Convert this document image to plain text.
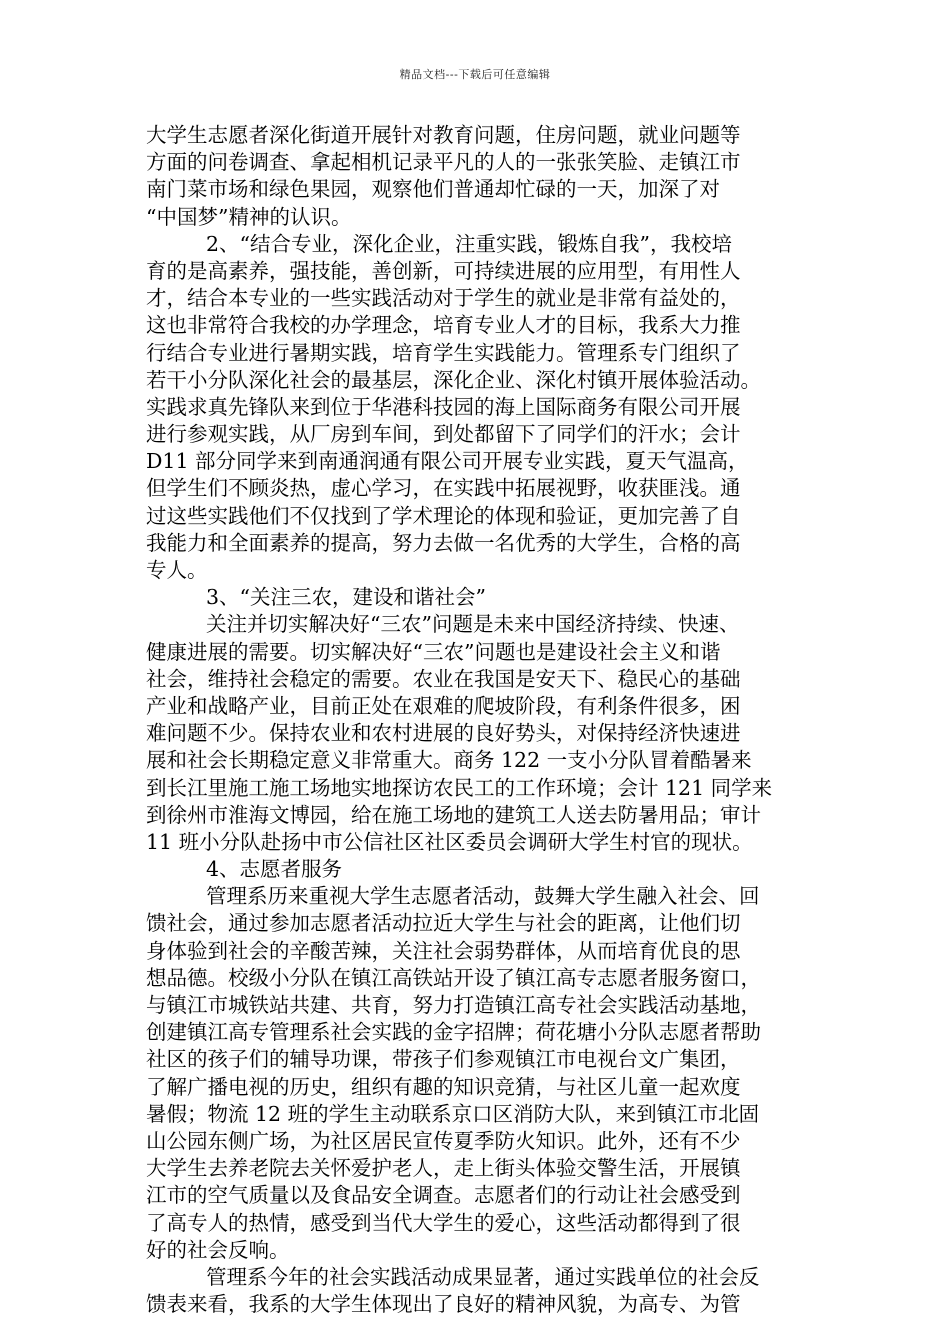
精品文档---下载后可任意编辑
大学生志愿者深化街道开展针对教育问题，住房问题，就业问题等
方面的问卷调查、拿起相机记录平凡的人的一张张笑脸、走镇江市
南门菜市场和绿色果园，观察他们普通却忙碌的一天，加深了对
“中国梦”精神的认识。
2、“结合专业，深化企业，注重实践，锻炼自我”，我校培
育的是高素养，强技能，善创新，可持续进展的应用型，有用性人
才，结合本专业的一些实践活动对于学生的就业是非常有益处的，
这也非常符合我校的办学理念，培育专业人才的目标，我系大力推
行结合专业进行暑期实践，培育学生实践能力。管理系专门组织了
若干小分队深化社会的最基层，深化企业、深化村镇开展体验活动。
实践求真先锋队来到位于华港科技园的海上国际商务有限公司开展
进行参观实践，从厂房到车间，到处都留下了同学们的汗水；会计
D11 部分同学来到南通润通有限公司开展专业实践，夏天气温高，
但学生们不顾炎热，虚心学习，在实践中拓展视野，收获匪浅。通
过这些实践他们不仅找到了学术理论的体现和验证，更加完善了自
我能力和全面素养的提高，努力去做一名优秀的大学生，合格的高
专人。
3、“关注三农，建设和谐社会”
关注并切实解决好“三农”问题是未来中国经济持续、快速、
健康进展的需要。切实解决好“三农”问题也是建设社会主义和谐
社会，维持社会稳定的需要。农业在我国是安天下、稳民心的基础
产业和战略产业，目前正处在艰难的爬坡阶段，有利条件很多，困
难问题不少。保持农业和农村进展的良好势头，对保持经济快速进
展和社会长期稳定意义非常重大。商务 122 一支小分队冒着酷暑来
到长江里施工施工场地实地探访农民工的工作环境；会计 121 同学来
到徐州市淮海文博园，给在施工场地的建筑工人送去防暑用品；审计
11 班小分队赴扬中市公信社区社区委员会调研大学生村官的现状。
4、志愿者服务
管理系历来重视大学生志愿者活动，鼓舞大学生融入社会、回
馈社会，通过参加志愿者活动拉近大学生与社会的距离，让他们切
身体验到社会的辛酸苦辣，关注社会弱势群体，从而培育优良的思
想品德。校级小分队在镇江高铁站开设了镇江高专志愿者服务窗口，
与镇江市城铁站共建、共育，努力打造镇江高专社会实践活动基地，
创建镇江高专管理系社会实践的金字招牌；荷花塘小分队志愿者帮助
社区的孩子们的辅导功课，带孩子们参观镇江市电视台文广集团，
了解广播电视的历史，组织有趣的知识竞猜，与社区儿童一起欢度
暑假；物流 12 班的学生主动联系京口区消防大队，来到镇江市北固
山公园东侧广场，为社区居民宣传夏季防火知识。此外，还有不少
大学生去养老院去关怀爱护老人，走上街头体验交警生活，开展镇
江市的空气质量以及食品安全调查。志愿者们的行动让社会感受到
了高专人的热情，感受到当代大学生的爱心，这些活动都得到了很
好的社会反响。
管理系今年的社会实践活动成果显著，通过实践单位的社会反
馈表来看，我系的大学生体现出了良好的精神风貌，为高专、为管
